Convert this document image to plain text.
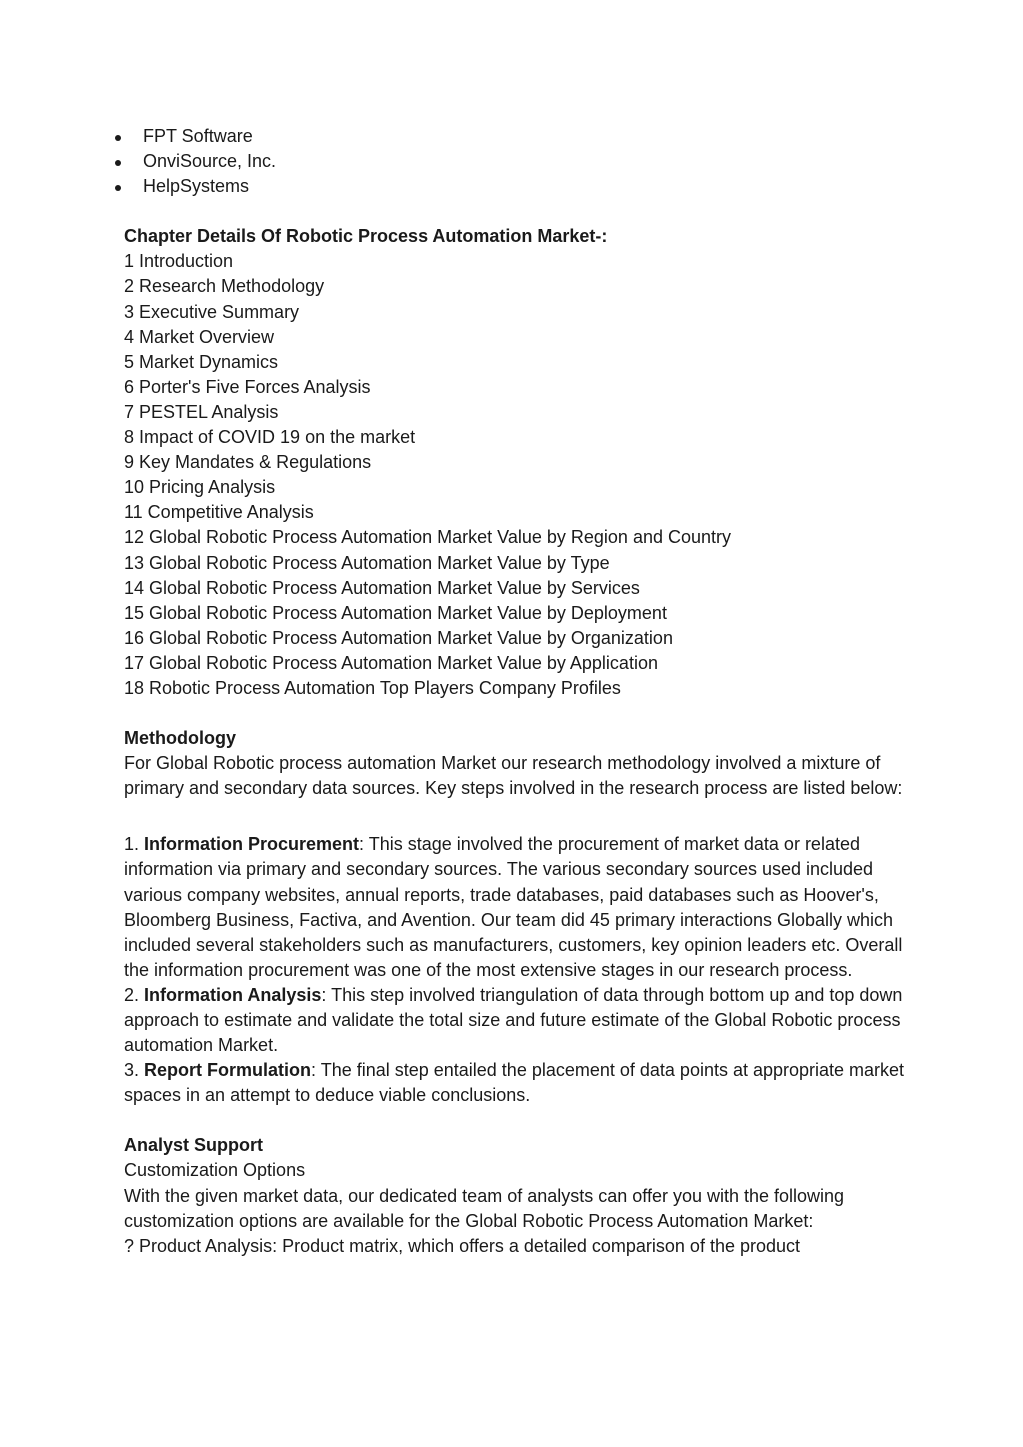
FPT Software
OnviSource, Inc.
HelpSystems

Chapter Details Of Robotic Process Automation Market-:

1 Introduction

2 Research Methodology

3 Executive Summary

4 Market Overview

5 Market Dynamics

6 Porter's Five Forces Analysis

7 PESTEL Analysis

8 Impact of COVID 19 on the market

9 Key Mandates & Regulations

10 Pricing Analysis

11 Competitive Analysis

12 Global Robotic Process Automation Market Value by Region and Country

13 Global Robotic Process Automation Market Value by Type

14 Global Robotic Process Automation Market Value by Services

15 Global Robotic Process Automation Market Value by Deployment

16 Global Robotic Process Automation Market Value by Organization

17 Global Robotic Process Automation Market Value by Application

18 Robotic Process Automation Top Players Company Profiles

Methodology

For Global Robotic process automation Market our research methodology involved a mixture of primary and secondary data sources. Key steps involved in the research process are listed below:

1. Information Procurement: This stage involved the procurement of market data or related information via primary and secondary sources. The various secondary sources used included various company websites, annual reports, trade databases, paid databases such as Hoover's, Bloomberg Business, Factiva, and Avention. Our team did 45 primary interactions Globally which included several stakeholders such as manufacturers, customers, key opinion leaders etc. Overall the information procurement was one of the most extensive stages in our research process.

2. Information Analysis: This step involved triangulation of data through bottom up and top down approach to estimate and validate the total size and future estimate of the Global Robotic process automation Market.

3. Report Formulation: The final step entailed the placement of data points at appropriate market spaces in an attempt to deduce viable conclusions.

Analyst Support

Customization Options

With the given market data, our dedicated team of analysts can offer you with the following customization options are available for the Global Robotic Process Automation Market:

? Product Analysis: Product matrix, which offers a detailed comparison of the product
